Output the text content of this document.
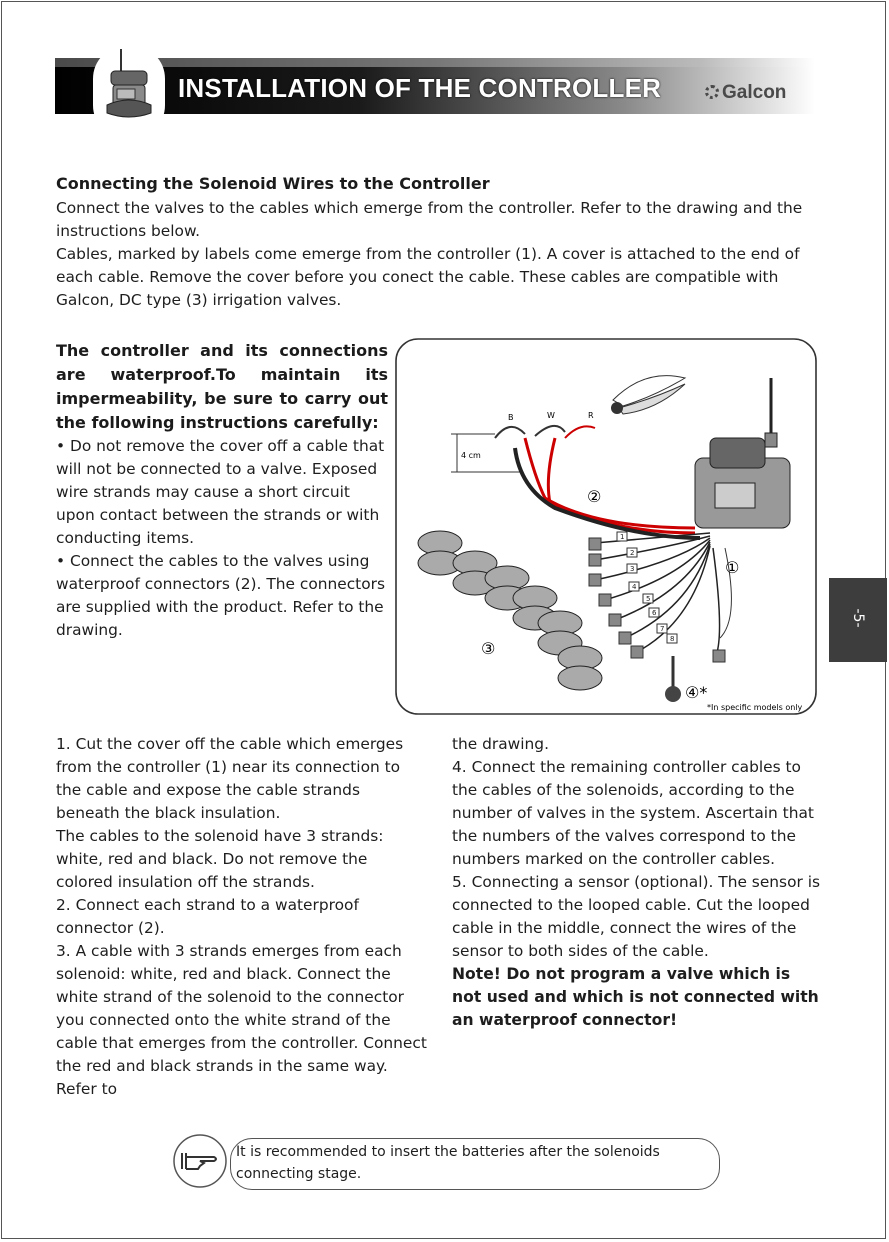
INSTALLATION OF THE CONTROLLER	Galcon
Connecting the Solenoid Wires to the Controller

Connect the valves to the cables which emerge from the controller. Refer to the drawing and the instructions below.

Cables, marked by labels come emerge from the controller (1). A cover is attached to the end of each cable. Remove the cover before you conect the cable. These cables are compatible with Galcon, DC type (3) irrigation valves.

The controller and its connections are waterproof.To maintain its impermeability, be sure to carry out the following instructions carefully:

• Do not remove the cover off a cable that will not be connected to a valve. Exposed wire strands may cause a short circuit upon contact between the strands or with conducting items.

• Connect the cables to the valves using waterproof connectors (2). The connectors are supplied with the product. Refer to the drawing.

4 cm
B	W	R
②
1
2
3
4
5
6
7
8
①
③
④*
*In specific models only

1. Cut the cover off the cable which emerges from the controller (1) near its connection to the cable and expose the cable strands beneath the black insulation.

The cables to the solenoid have 3 strands: white, red and black. Do not remove the colored insulation off the strands.

2. Connect each strand to a waterproof connector (2).

3. A cable with 3 strands emerges from each solenoid: white, red and black. Connect the white strand of the solenoid to the connector you connected onto the white strand of the cable that emerges from the controller. Connect the red and black strands in the same way. Refer to

the drawing.

4. Connect the remaining controller cables to the cables of the solenoids, according to the number of valves in the system. Ascertain that the numbers of the valves correspond to the numbers marked on the controller cables.

5. Connecting a sensor (optional). The sensor is connected to the looped cable. Cut the looped cable in the middle, connect the wires of the sensor to both sides of the cable.

Note! Do not program a valve which is not used and which is not connected with an waterproof connector!

-5-
It is recommended to insert the batteries after the solenoids connecting stage.
